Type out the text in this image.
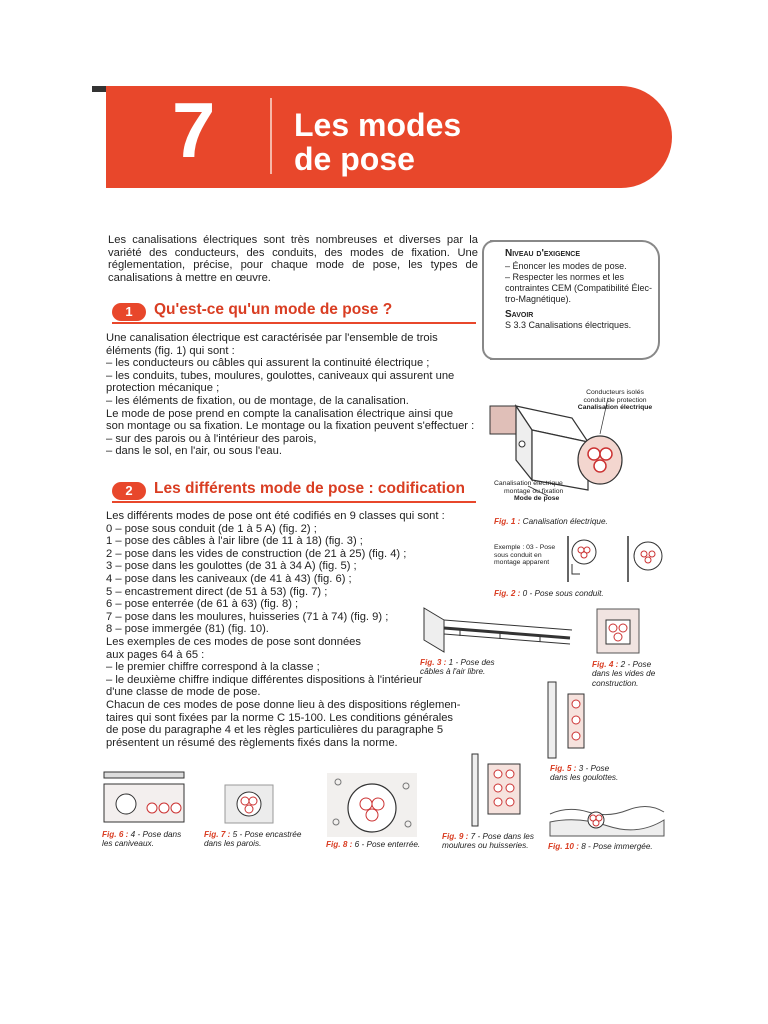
7 Les modes
de pose
Les canalisations électriques sont très nombreuses et diverses par la variété des conducteurs, des conduits, des modes de fixation. Une réglementation, précise, pour chaque mode de pose, les types de canalisations à mettre en œuvre.
Niveau d'exigence
– Énoncer les modes de pose.
– Respecter les normes et les
contraintes CEM (Compatibilité Élec-
tro-Magnétique).
Savoir
S 3.3 Canalisations électriques.
1	Qu'est-ce qu'un mode de pose ?
Une canalisation électrique est caractérisée par l'ensemble de trois
éléments (fig. 1) qui sont :
– les conducteurs ou câbles qui assurent la continuité électrique ;
– les conduits, tubes, moulures, goulottes, caniveaux qui assurent une
protection mécanique ;
– les éléments de fixation, ou de montage, de la canalisation.
Le mode de pose prend en compte la canalisation électrique ainsi que
son montage ou sa fixation. Le montage ou la fixation peuvent s'effectuer :
– sur des parois ou à l'intérieur des parois,
– dans le sol, en l'air, ou sous l'eau.
2	Les différents mode de pose : codification
Les différents modes de pose ont été codifiés en 9 classes qui sont :
0 – pose sous conduit (de 1 à 5 A) (fig. 2) ;
1 – pose des câbles à l'air libre (de 11 à 18) (fig. 3) ;
2 – pose dans les vides de construction (de 21 à 25) (fig. 4) ;
3 – pose dans les goulottes (de 31 à 34 A) (fig. 5) ;
4 – pose dans les caniveaux (de 41 à 43) (fig. 6) ;
5 – encastrement direct (de 51 à 53) (fig. 7) ;
6 – pose enterrée (de 61 à 63) (fig. 8) ;
7 – pose dans les moulures, huisseries (71 à 74) (fig. 9) ;
8 – pose immergée (81) (fig. 10).
Les exemples de ces modes de pose sont données
aux pages 64 à 65 :
– le premier chiffre correspond à la classe ;
– le deuxième chiffre indique différentes dispositions à l'intérieur
d'une classe de mode de pose.
Chacun de ces modes de pose donne lieu à des dispositions réglemen-
taires qui sont fixées par la norme C 15-100. Les conditions générales
de pose du paragraphe 4 et les règles particulières du paragraphe 5
présentent un résumé des règlements fixés dans la norme.
Conducteurs isolés
conduit de protection
Canalisation électrique
Canalisation électrique
montage ou fixation
Mode de pose
Fig. 1 : Canalisation électrique.
Exemple : 03 - Pose
sous conduit en
montage apparent
Fig. 2 : 0 - Pose sous conduit.
Fig. 3 : 1 - Pose des
câbles à l'air libre.
Fig. 4 : 2 - Pose
dans les vides de
construction.
Fig. 5 : 3 - Pose
dans les goulottes.
Fig. 6 : 4 - Pose dans
les caniveaux.
Fig. 7 : 5 - Pose encastrée
dans les parois.	Fig. 8 : 6 - Pose enterrée.
Fig. 9 : 7 - Pose dans les
moulures ou huisseries.	Fig. 10 : 8 - Pose immergée.
